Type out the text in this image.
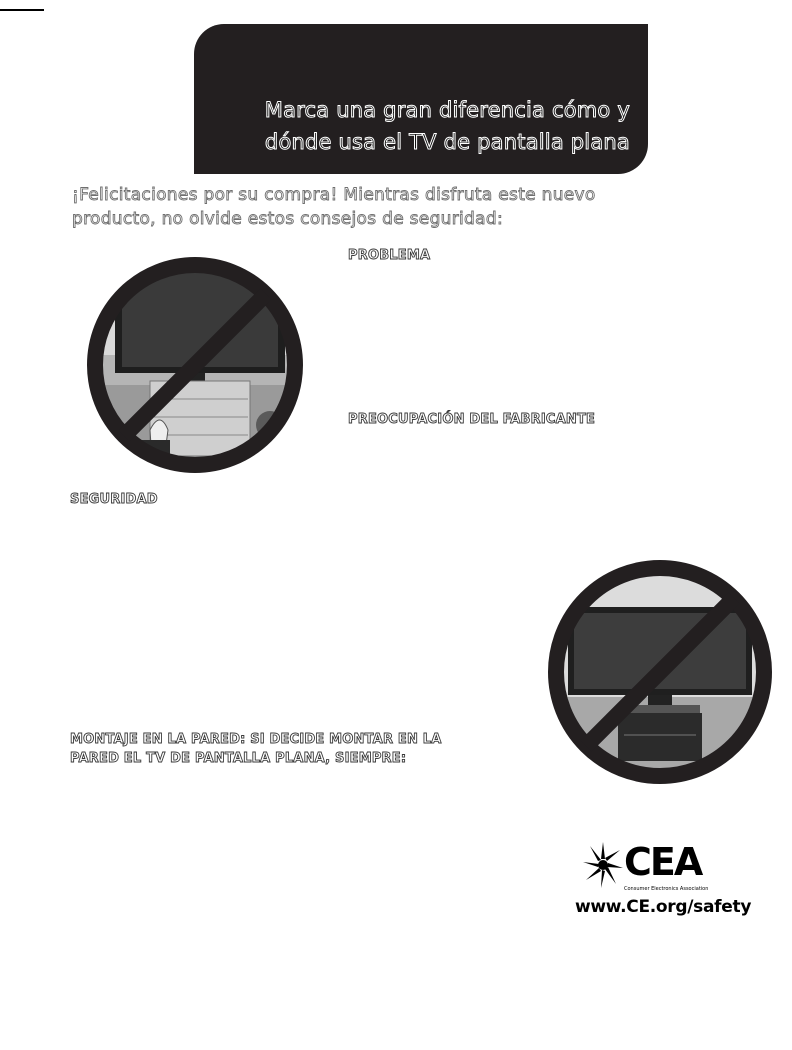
Marca una gran diferencia cómo y
dónde usa el TV de pantalla plana
¡Felicitaciones por su compra! Mientras disfruta este nuevo
producto, no olvide estos consejos de seguridad:
PROBLEMA
PREOCUPACIÓN DEL FABRICANTE
SEGURIDAD
MONTAJE EN LA PARED: SI DECIDE MONTAR EN LA
PARED EL TV DE PANTALLA PLANA, SIEMPRE:
CEA
Consumer Electronics Association
www.CE.org/safety
